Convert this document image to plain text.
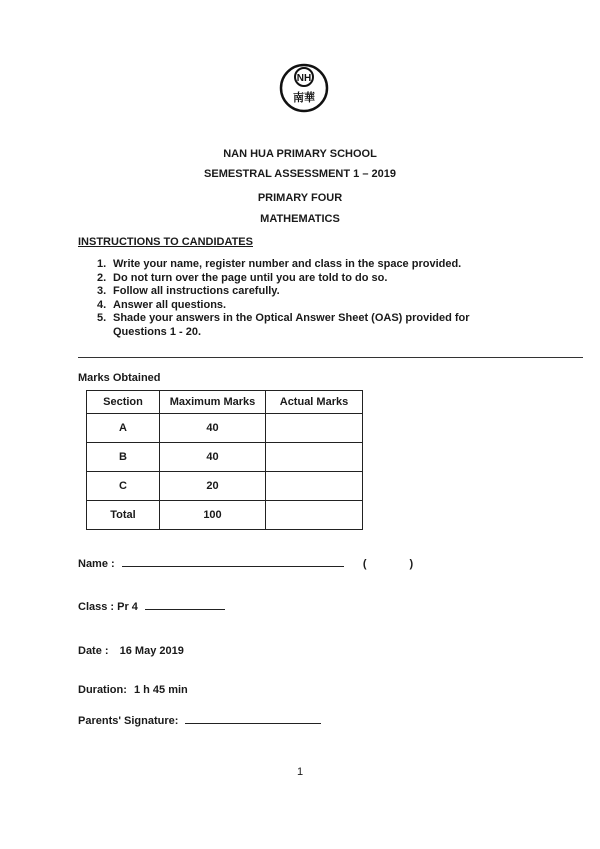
NH
南華
NAN HUA PRIMARY SCHOOL
SEMESTRAL ASSESSMENT 1 – 2019
PRIMARY FOUR
MATHEMATICS
INSTRUCTIONS TO CANDIDATES
1. Write your name, register number and class in the space provided.
2. Do not turn over the page until you are told to do so.
3. Follow all instructions carefully.
4. Answer all questions.
5. Shade your answers in the Optical Answer Sheet (OAS) provided for Questions 1 - 20.
Marks Obtained
Section	Maximum Marks	Actual Marks
A	40	
B	40	
C	20	
Total	100	
Name :	(	)
Class : Pr 4
Date : 16 May 2019
Duration: 1 h 45 min
Parents' Signature:
1
